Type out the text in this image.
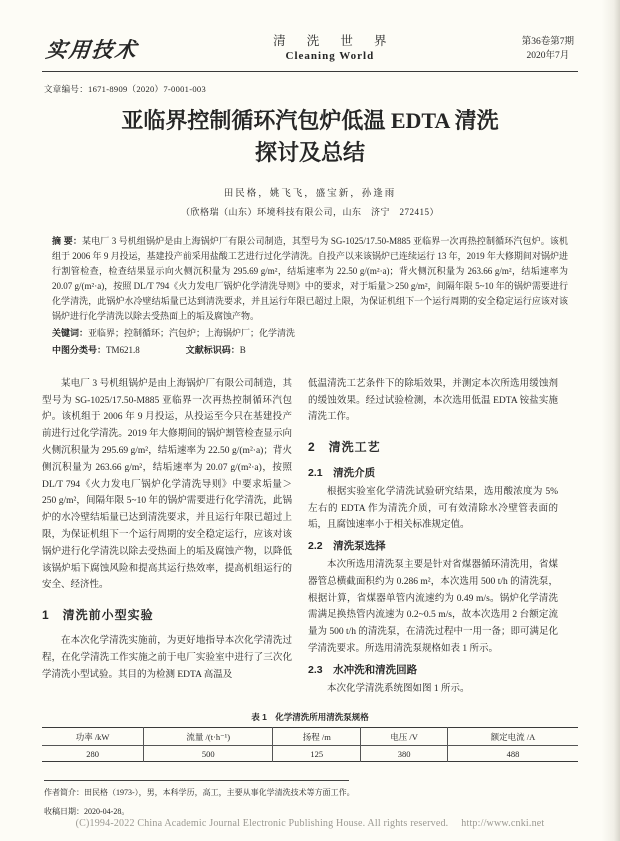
实用技术	清 洗 世 界
Cleaning World
第36卷第7期
2020年7月
文章编号：1671-8909（2020）7-0001-003
亚临界控制循环汽包炉低温 EDTA 清洗
探讨及总结
田民格，姚飞飞，盛宝新，孙逢雨
（欣格瑞（山东）环境科技有限公司，山东　济宁　272415）
摘 要：某电厂 3 号机组锅炉是由上海锅炉厂有限公司制造，其型号为 SG-1025/17.50-M885 亚临界一次再热控制循环汽包炉。该机组于 2006 年 9 月投运，基建投产前采用盐酸工艺进行过化学清洗。自投产以来该锅炉已连续运行 13 年，2019 年大修期间对锅炉进行割管检查，检查结果显示向火侧沉积量为 295.69 g/m²，结垢速率为 22.50 g/(m²·a)；背火侧沉积量为 263.66 g/m²，结垢速率为 20.07 g/(m²·a)，按照 DL/T 794《火力发电厂锅炉化学清洗导则》中的要求，对于垢量＞250 g/m²，间隔年限 5~10 年的锅炉需要进行化学清洗，此锅炉水冷壁结垢量已达到清洗要求，并且运行年限已超过上限，为保证机组下一个运行周期的安全稳定运行应该对该锅炉进行化学清洗以除去受热面上的垢及腐蚀产物。
关键词：亚临界；控制循环；汽包炉；上海锅炉厂；化学清洗
中图分类号：TM621.8	文献标识码：B

某电厂 3 号机组锅炉是由上海锅炉厂有限公司制造，其型号为 SG-1025/17.50-M885 亚临界一次再热控制循环汽包炉。该机组于 2006 年 9 月投运，从投运至今只在基建投产前进行过化学清洗。2019 年大修期间的锅炉割管检查显示向火侧沉积量为 295.69 g/m²，结垢速率为 22.50 g/(m²·a)；背火侧沉积量为 263.66 g/m²，结垢速率为 20.07 g/(m²·a)，按照 DL/T 794《火力发电厂锅炉化学清洗导则》中要求垢量＞250 g/m²，间隔年限 5~10 年的锅炉需要进行化学清洗，此锅炉的水冷壁结垢量已达到清洗要求，并且运行年限已超过上限，为保证机组下一个运行周期的安全稳定运行，应该对该锅炉进行化学清洗以除去受热面上的垢及腐蚀产物，以降低该锅炉垢下腐蚀风险和提高其运行热效率，提高机组运行的安全、经济性。

1　清洗前小型实验

在本次化学清洗实施前，为更好地指导本次化学清洗过程，在化学清洗工作实施之前于电厂实验室中进行了三次化学清洗小型试验。其目的为检测 EDTA 高温及

低温清洗工艺条件下的除垢效果，并测定本次所选用缓蚀剂的缓蚀效果。经过试验检测，本次选用低温 EDTA 铵盐实施清洗工作。

2　清洗工艺
2.1　清洗介质

根据实验室化学清洗试验研究结果，选用酸浓度为 5% 左右的 EDTA 作为清洗介质，可有效清除水冷壁管表面的垢，且腐蚀速率小于相关标准规定值。

2.2　清洗泵选择

本次所选用清洗泵主要是针对省煤器循环清洗用，省煤器管总横截面积约为 0.286 m²，本次选用 500 t/h 的清洗泵，根据计算，省煤器单管内流速约为 0.49 m/s。锅炉化学清洗需满足换热管内流速为 0.2~0.5 m/s，故本次选用 2 台额定流量为 500 t/h 的清洗泵，在清洗过程中一用一备；即可满足化学清洗要求。所选用清洗泵规格如表 1 所示。

2.3　水冲洗和清洗回路

本次化学清洗系统图如图 1 所示。

表 1　化学清洗所用清洗泵规格
功率 /kW	流量 /(t·h⁻¹)	扬程 /m	电压 /V	额定电流 /A
280	500	125	380	488
作者简介：田民格（1973-），男，本科学历，高工，主要从事化学清洗技术等方面工作。
收稿日期：2020-04-28。
(C)1994-2022 China Academic Journal Electronic Publishing House. All rights reserved.　 http://www.cnki.net
